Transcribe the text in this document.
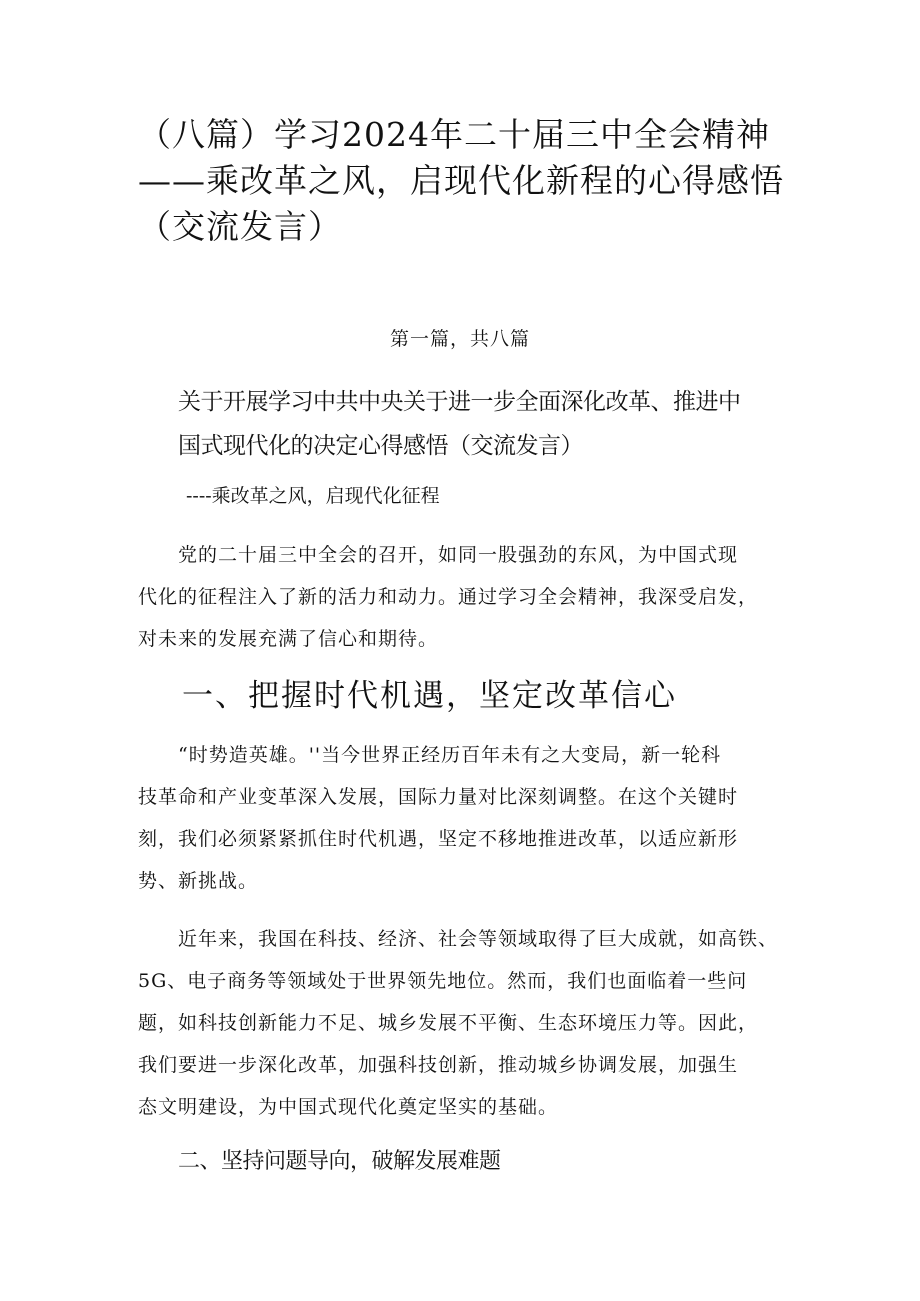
（八篇）学习2024年二十届三中全会精神
——乘改革之风，启现代化新程的心得感悟
（交流发言）
第一篇，共八篇
关于开展学习中共中央关于进一步全面深化改革、推进中
国式现代化的决定心得感悟（交流发言）
----乘改革之风，启现代化征程
　　党的二十届三中全会的召开，如同一股强劲的东风，为中国式现
代化的征程注入了新的活力和动力。通过学习全会精神，我深受启发，
对未来的发展充满了信心和期待。
一、把握时代机遇，坚定改革信心
　　“时势造英雄。''当今世界正经历百年未有之大变局，新一轮科
技革命和产业变革深入发展，国际力量对比深刻调整。在这个关键时
刻，我们必须紧紧抓住时代机遇，坚定不移地推进改革，以适应新形
势、新挑战。
　　近年来，我国在科技、经济、社会等领域取得了巨大成就，如高铁、
5G、电子商务等领域处于世界领先地位。然而，我们也面临着一些问
题，如科技创新能力不足、城乡发展不平衡、生态环境压力等。因此，
我们要进一步深化改革，加强科技创新，推动城乡协调发展，加强生
态文明建设，为中国式现代化奠定坚实的基础。
二、坚持问题导向，破解发展难题
